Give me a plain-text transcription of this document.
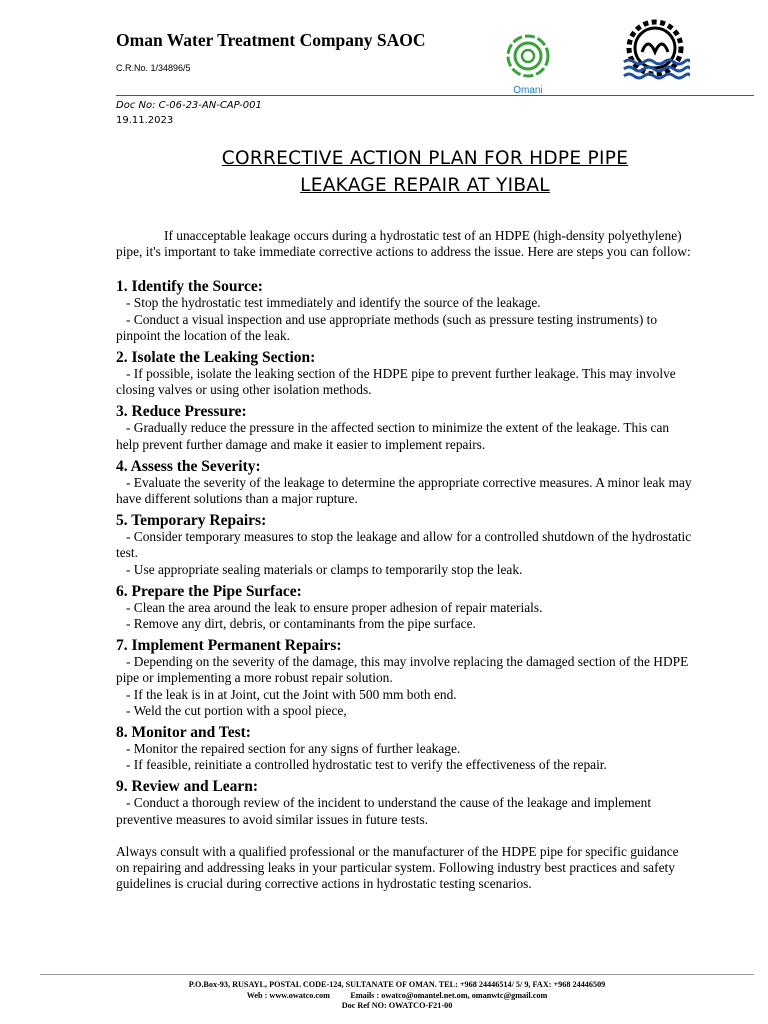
Oman Water Treatment Company SAOC
C.R.No. 1/34896/5
Omani
Doc No: C-06-23-AN-CAP-001
19.11.2023
CORRECTIVE ACTION PLAN FOR HDPE PIPE
LEAKAGE REPAIR AT YIBAL

If unacceptable leakage occurs during a hydrostatic test of an HDPE (high-density polyethylene) pipe, it's important to take immediate corrective actions to address the issue. Here are steps you can follow:

1. Identify the Source:

- Stop the hydrostatic test immediately and identify the source of the leakage.

- Conduct a visual inspection and use appropriate methods (such as pressure testing instruments) to pinpoint the location of the leak.

2. Isolate the Leaking Section:

- If possible, isolate the leaking section of the HDPE pipe to prevent further leakage. This may involve closing valves or using other isolation methods.

3. Reduce Pressure:

- Gradually reduce the pressure in the affected section to minimize the extent of the leakage. This can help prevent further damage and make it easier to implement repairs.

4. Assess the Severity:

- Evaluate the severity of the leakage to determine the appropriate corrective measures. A minor leak may have different solutions than a major rupture.

5. Temporary Repairs:

- Consider temporary measures to stop the leakage and allow for a controlled shutdown of the hydrostatic test.

- Use appropriate sealing materials or clamps to temporarily stop the leak.

6. Prepare the Pipe Surface:

- Clean the area around the leak to ensure proper adhesion of repair materials.

- Remove any dirt, debris, or contaminants from the pipe surface.

7. Implement Permanent Repairs:

- Depending on the severity of the damage, this may involve replacing the damaged section of the HDPE pipe or implementing a more robust repair solution.

- If the leak is in at Joint, cut the Joint with 500 mm both end.

- Weld the cut portion with a spool piece,

8. Monitor and Test:

- Monitor the repaired section for any signs of further leakage.

- If feasible, reinitiate a controlled hydrostatic test to verify the effectiveness of the repair.

9. Review and Learn:

- Conduct a thorough review of the incident to understand the cause of the leakage and implement preventive measures to avoid similar issues in future tests.

Always consult with a qualified professional or the manufacturer of the HDPE pipe for specific guidance on repairing and addressing leaks in your particular system. Following industry best practices and safety guidelines is crucial during corrective actions in hydrostatic testing scenarios.

P.O.Box-93, RUSAYL, POSTAL CODE-124, SULTANATE OF OMAN. TEL: +968 24446514/ 5/ 9, FAX: +968 24446509
Web : www.owatco.com          Emails : owatco@omantel.net.om, omanwtc@gmail.com
Doc Ref NO: OWATCO-F21-00
